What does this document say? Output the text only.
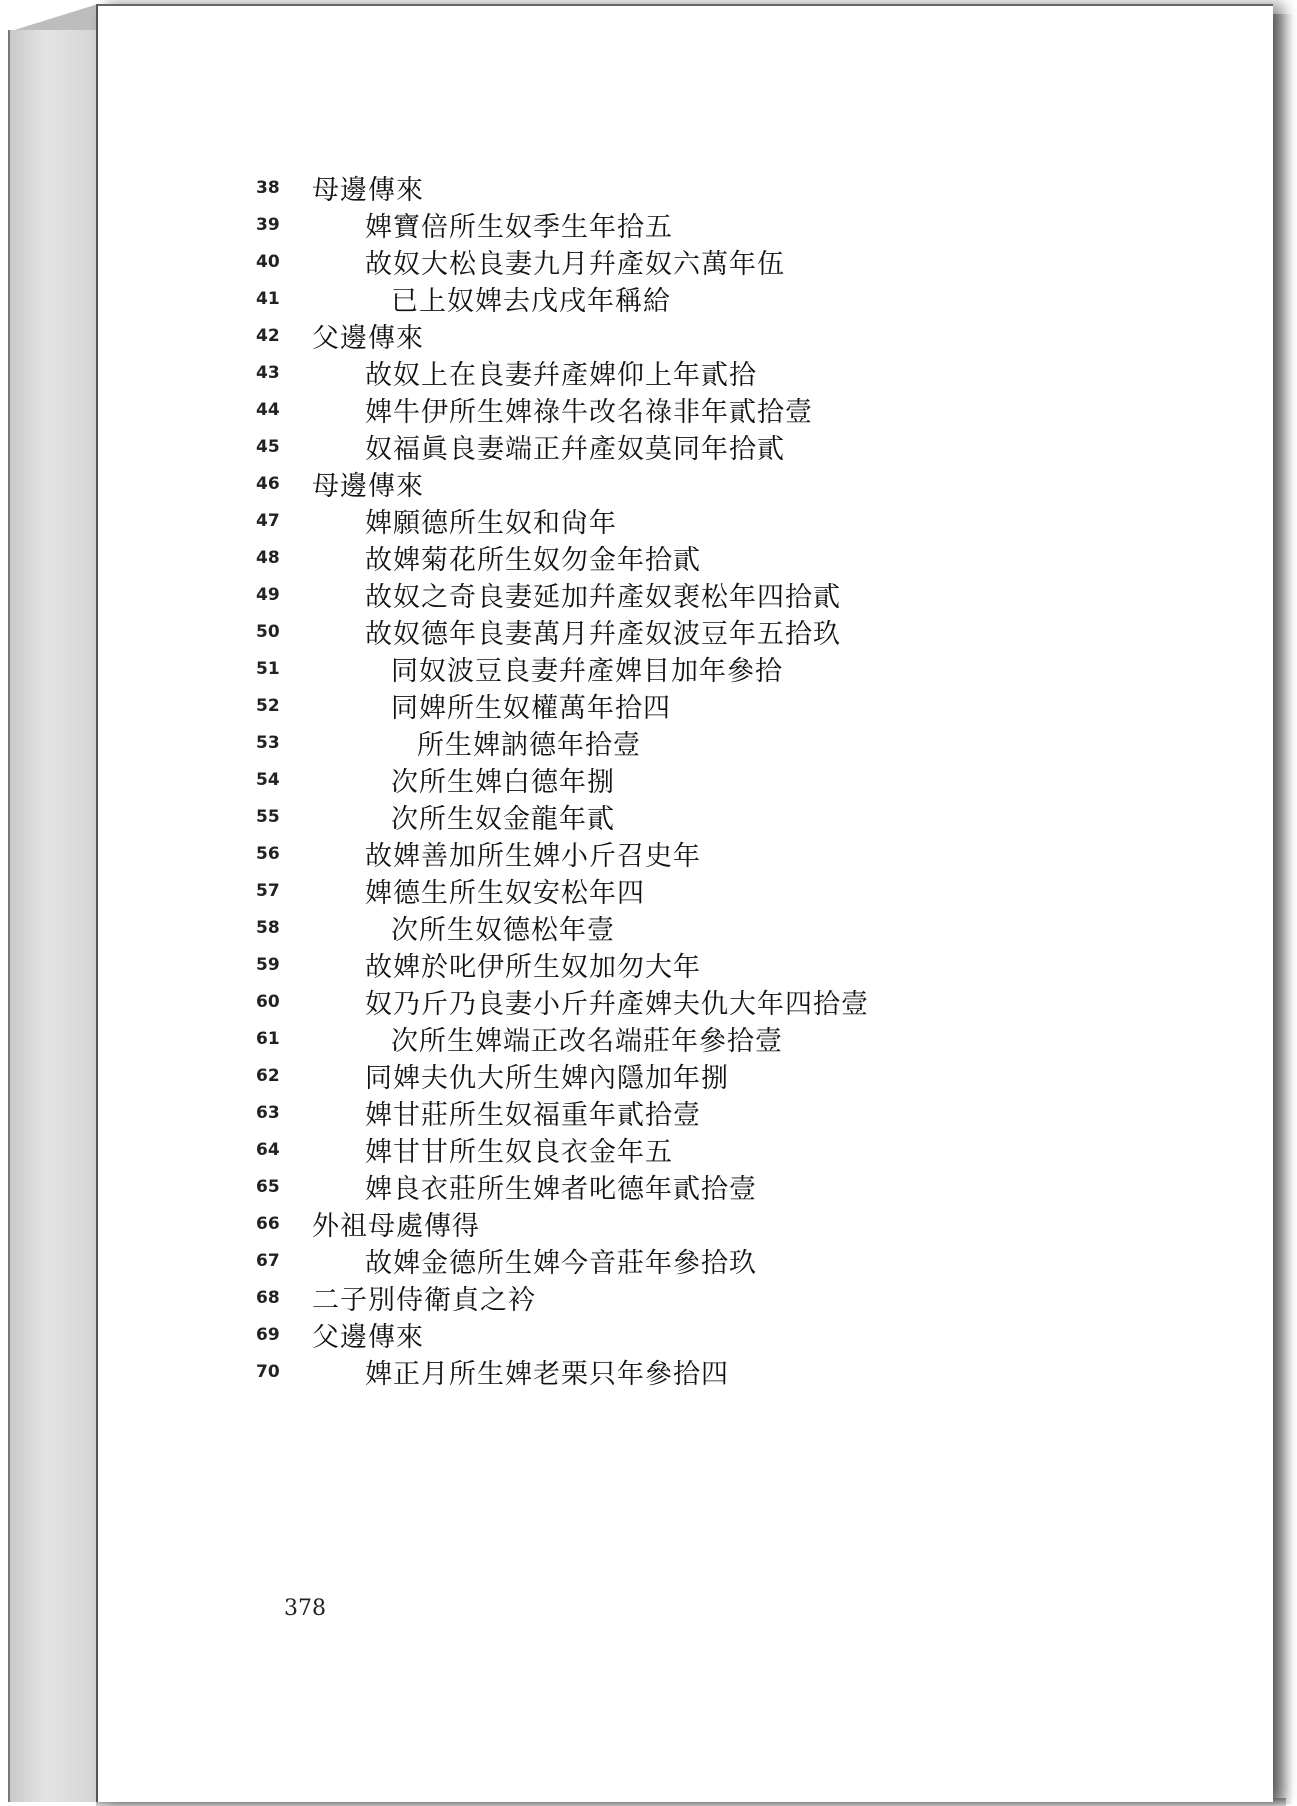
38 母邊傳來
39	婢寶倍所生奴季生年拾五
40	故奴大松良妻九月幷產奴六萬年伍
41	已上奴婢去戊戌年稱給
42 父邊傳來
43	故奴上在良妻幷產婢仰上年貳拾
44	婢牛伊所生婢祿牛改名祿非年貳拾壹
45	奴福眞良妻端正幷產奴莫同年拾貳
46 母邊傳來
47	婢願德所生奴和尙年
48	故婢菊花所生奴勿金年拾貳
49	故奴之奇良妻延加幷產奴裵松年四拾貳
50	故奴德年良妻萬月幷產奴波豆年五拾玖
51	同奴波豆良妻幷產婢目加年參拾
52	同婢所生奴權萬年拾四
53	所生婢訥德年拾壹
54	次所生婢白德年捌
55	次所生奴金龍年貳
56	故婢善加所生婢小斤召史年
57	婢德生所生奴安松年四
58	次所生奴德松年壹
59	故婢於叱伊所生奴加勿大年
60	奴乃斤乃良妻小斤幷產婢夫仇大年四拾壹
61	次所生婢端正改名端莊年參拾壹
62	同婢夫仇大所生婢內隱加年捌
63	婢甘莊所生奴福重年貳拾壹
64	婢甘甘所生奴良衣金年五
65	婢良衣莊所生婢者叱德年貳拾壹
66 外祖母處傳得
67	故婢金德所生婢今音莊年參拾玖
68 二子別侍衛貞之衿
69 父邊傳來
70	婢正月所生婢老栗只年參拾四
378
